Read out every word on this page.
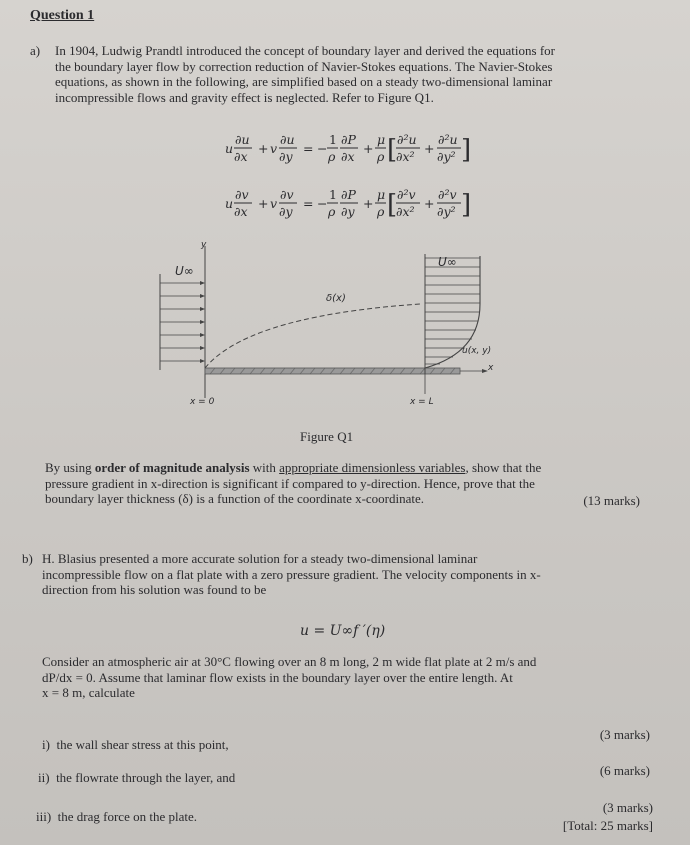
Question 1
a) In 1904, Ludwig Prandtl introduced the concept of boundary layer and derived the equations for
the boundary layer flow by correction reduction of Navier-Stokes equations. The Navier-Stokes
equations, as shown in the following, are simplified based on a steady two-dimensional laminar
incompressible flows and gravity effect is neglected. Refer to Figure Q1.
u
∂u
∂x
+ v
∂u
∂y
= −
1
ρ
∂P
∂x
+
μ
ρ [ ∂²u
∂x²
+
∂²u
∂y² ]
u
∂v
∂x
+ v
∂v
∂y
= −
1
ρ
∂P
∂y
+
μ
ρ [ ∂²v
∂x²
+
∂²v
∂y² ]
y
U∞
U∞
δ(x)
u(x, y)
x
x = 0	x = L
Figure Q1
By using order of magnitude analysis with appropriate dimensionless variables, show that the
pressure gradient in x-direction is significant if compared to y-direction. Hence, prove that the
boundary layer thickness (δ) is a function of the coordinate x-coordinate.	(13 marks)
b) H. Blasius presented a more accurate solution for a steady two-dimensional laminar
incompressible flow on a flat plate with a zero pressure gradient. The velocity components in x-
direction from his solution was found to be
u = U∞f ′(η)
Consider an atmospheric air at 30°C flowing over an 8 m long, 2 m wide flat plate at 2 m/s and
dP/dx = 0. Assume that laminar flow exists in the boundary layer over the entire length. At
x = 8 m, calculate
i) the wall shear stress at this point,
(3 marks)
ii) the flowrate through the layer, and	(6 marks)
iii) the drag force on the plate.
(3 marks)
[Total: 25 marks]
